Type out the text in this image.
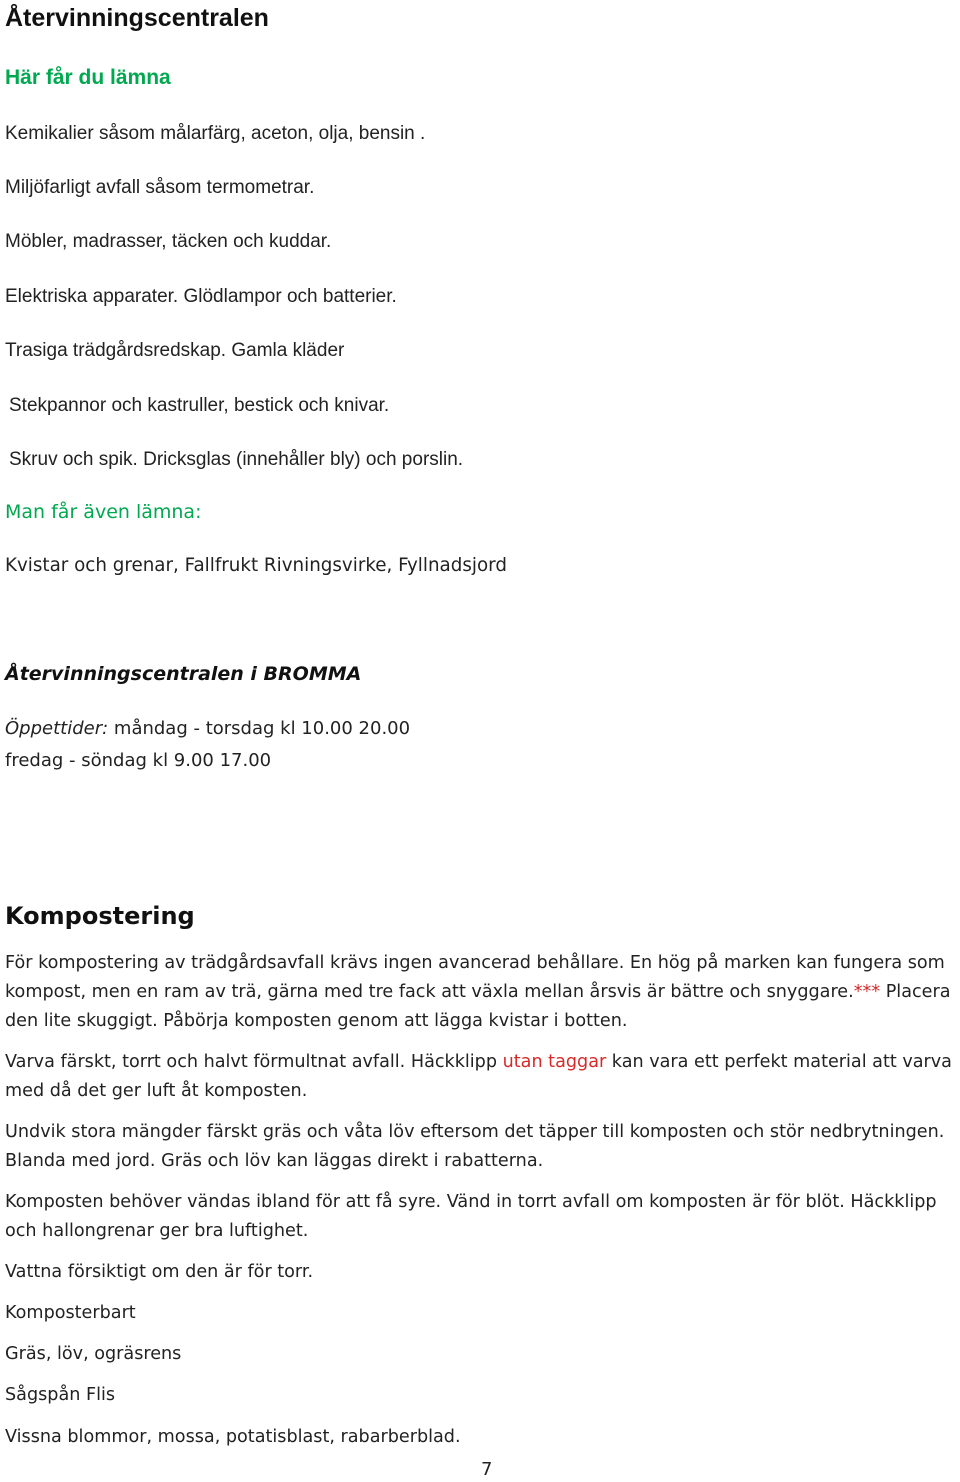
Återvinningscentralen
Här får du lämna
Kemikalier såsom målarfärg, aceton, olja, bensin .
Miljöfarligt avfall såsom termometrar.
Möbler, madrasser, täcken och kuddar.
Elektriska apparater. Glödlampor och batterier.
Trasiga trädgårdsredskap. Gamla kläder
Stekpannor och kastruller, bestick och knivar.
Skruv och spik. Dricksglas (innehåller bly) och porslin.
Man får även lämna:
Kvistar och grenar, Fallfrukt Rivningsvirke, Fyllnadsjord
Återvinningscentralen i BROMMA
Öppettider: måndag - torsdag kl 10.00 20.00
fredag - söndag kl 9.00 17.00
Kompostering
För kompostering av trädgårdsavfall krävs ingen avancerad behållare. En hög på marken kan fungera som kompost, men en ram av trä, gärna med tre fack att växla mellan årsvis är bättre och snyggare.*** Placera den lite skuggigt. Påbörja komposten genom att lägga kvistar i botten.
Varva färskt, torrt och halvt förmultnat avfall. Häckklipp utan taggar kan vara ett perfekt material att varva med då det ger luft åt komposten.
Undvik stora mängder färskt gräs och våta löv eftersom det täpper till komposten och stör nedbrytningen. Blanda med jord. Gräs och löv kan läggas direkt i rabatterna.
Komposten behöver vändas ibland för att få syre. Vänd in torrt avfall om komposten är för blöt. Häckklipp och hallongrenar ger bra luftighet.
Vattna försiktigt om den är för torr.
Komposterbart
Gräs, löv, ogräsrens
Sågspån Flis
Vissna blommor, mossa, potatisblast, rabarberblad.
7
